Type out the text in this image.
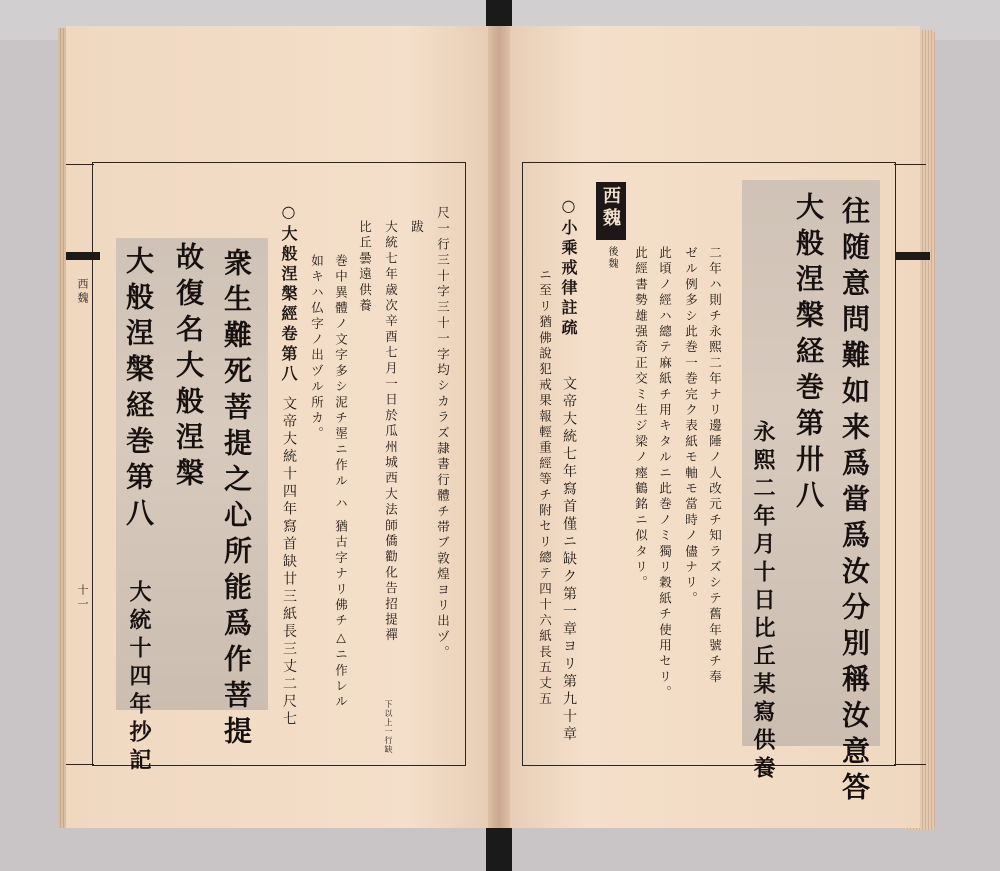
西魏
十一	衆生難死菩提之心所能爲作菩提
故復名大般涅槃
大般涅槃経巻第八
大統十四年抄記
○大般涅槃經卷第八
文帝大統十四年寫首缺廿三紙長三丈二尺七
如キハ仏字ノ出ヅル所カ。 巻中異體ノ文字多シ泥チ埿ニ作ル ハ 猶古字ナリ佛チ△ニ作レル 比丘曇遠供養 大統七年歳次辛酉七月一日於瓜州城西大法師僑勸化告招提禪
下以上一行缺
跋 尺一行三十字三十一字均シカラズ隷書行體チ帯ブ敦煌ヨリ出ヅ。	西魏
後魏
○小乘戒律註疏
文帝大統七年寫首僅ニ缺ク第一章ヨリ第九十章
ニ至リ猶佛說犯戒果報輕重經等チ附セリ總テ四十六紙長五丈五	此經書勢雄强奇正交ミ生ジ梁ノ瘞鶴銘ニ似タリ。 此頃ノ經ハ總テ麻紙チ用キタルニ此巻ノミ獨リ穀紙チ使用セリ。 ゼル例多シ此巻一巻完ク表紙モ軸モ當時ノ儘ナリ。 二年ハ則チ永熙二年ナリ邊陲ノ人改元チ知ラズシテ舊年號チ奉	往随意問難如来爲當爲汝分別稱汝意答
大般涅槃経巻第卅八
永熙二年月十日比丘某寫供養
